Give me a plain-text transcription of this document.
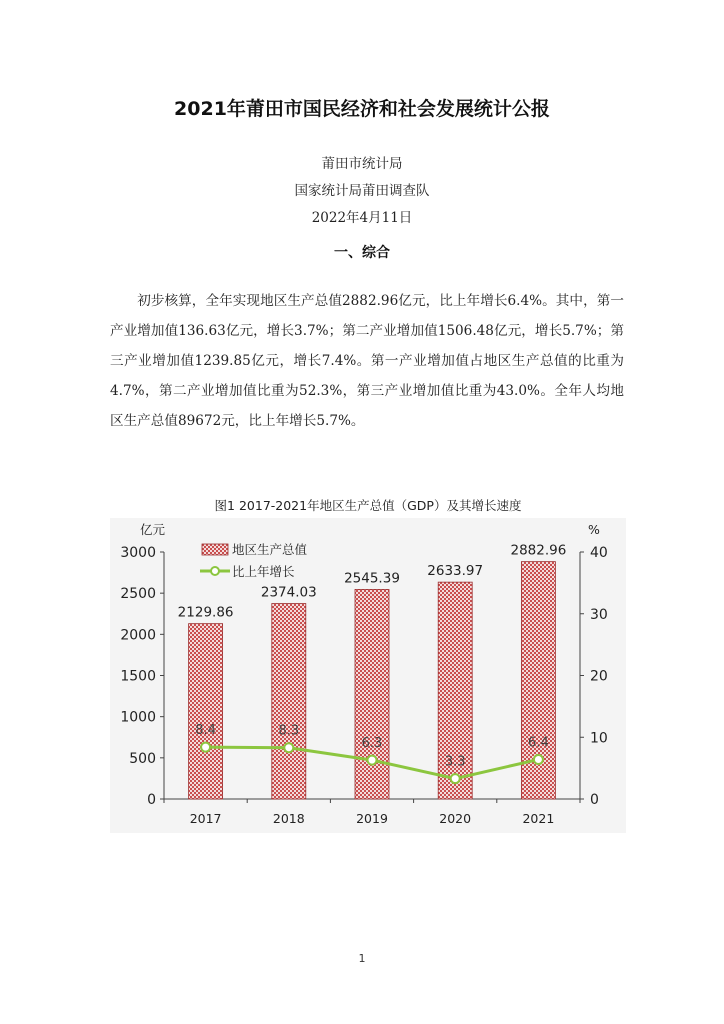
2021年莆田市国民经济和社会发展统计公报
莆田市统计局
国家统计局莆田调查队
2022年4月11日
一、综合

初步核算，全年实现地区生产总值2882.96亿元，比上年增长6.4%。其中，第一产业增加值136.63亿元，增长3.7%；第二产业增加值1506.48亿元，增长5.7%；第三产业增加值1239.85亿元，增长7.4%。第一产业增加值占地区生产总值的比重为4.7%，第二产业增加值比重为52.3%，第三产业增加值比重为43.0%。全年人均地区生产总值89672元，比上年增长5.7%。

图1 2017-2021年地区生产总值（GDP）及其增长速度
亿元	%
0
500
1000
1500
2000
2500
3000
0
10
20
30
40
2129.86
2374.03
2545.39 2633.97
2882.96
2017	2018	2019	2020	2021
8.4	8.3
6.3
3.3
6.4
地区生产总值
比上年增长
1
